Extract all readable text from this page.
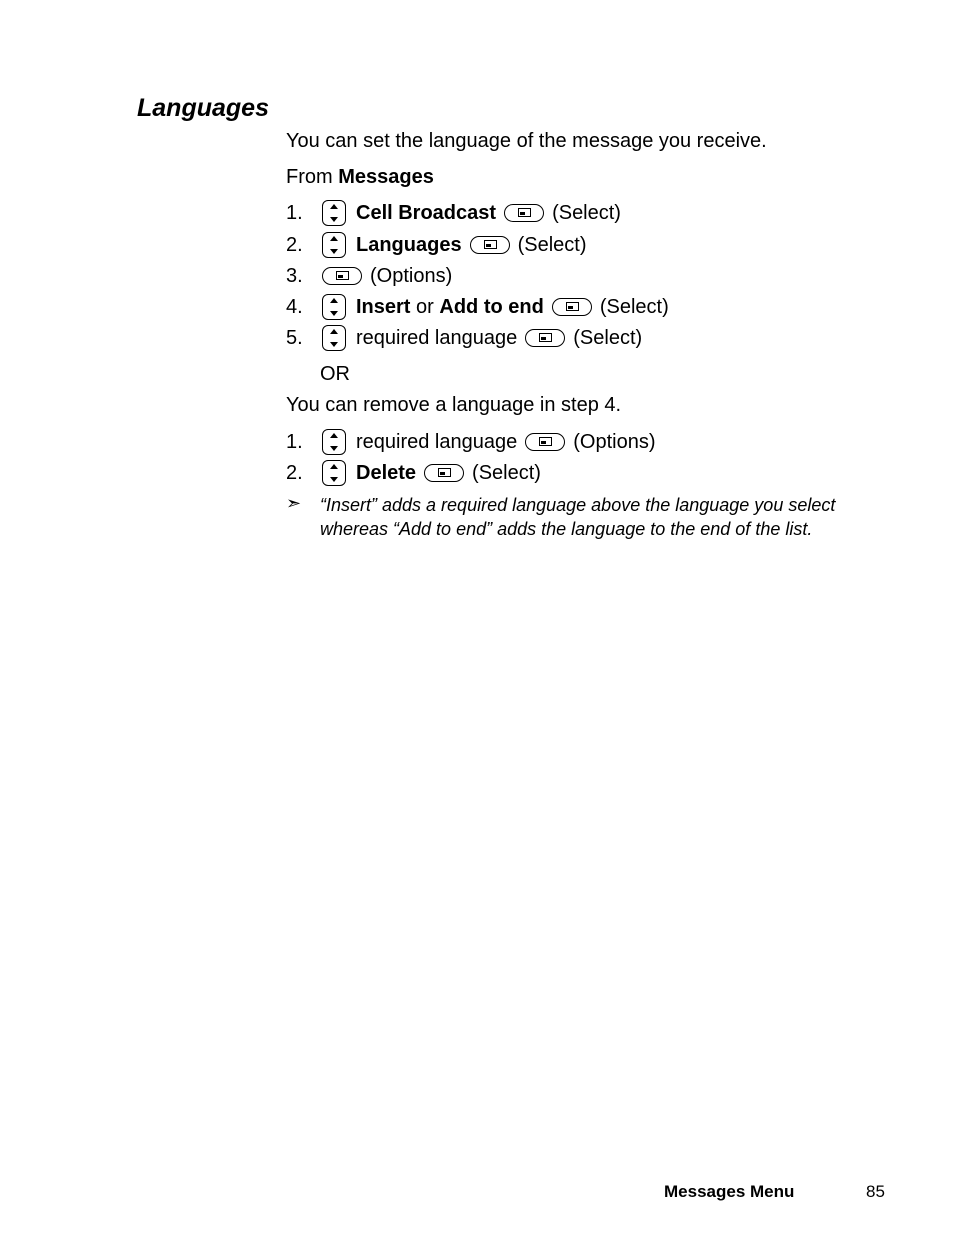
Languages
You can set the language of the message you receive.
From Messages
1.	Cell Broadcast	(Select)
2.	Languages	(Select)
3.	(Options)
4.	Insert
or
Add to end	(Select)
5.	required language	(Select)
OR
You can remove a language in step 4.
1.	required language	(Options)
2.	Delete	(Select)
➣ “Insert” adds a required language above the language you select whereas “Add to end” adds the language to the end of the list.
Messages Menu	85
